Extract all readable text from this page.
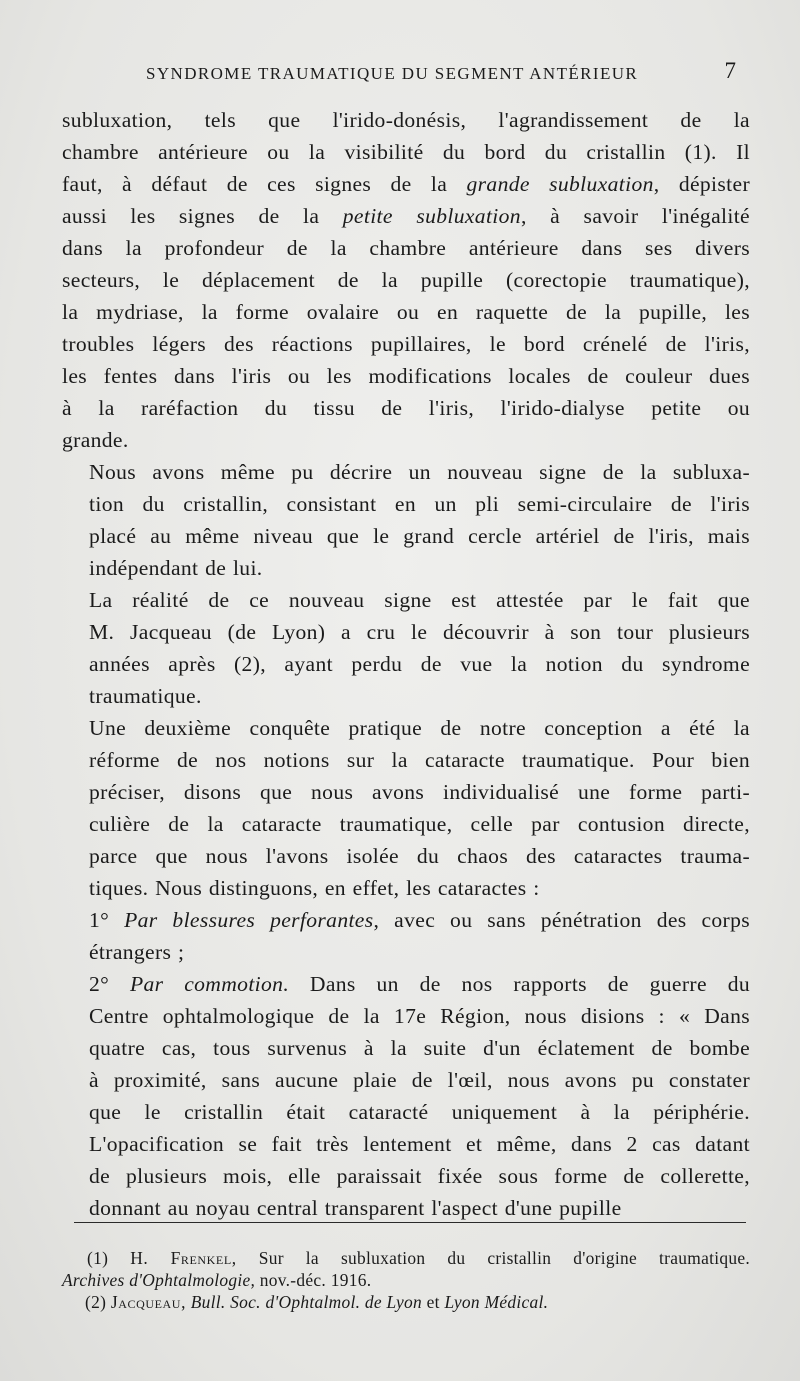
SYNDROME TRAUMATIQUE DU SEGMENT ANTÉRIEUR	7

subluxation, tels que l'irido-donésis, l'agrandissement de la
chambre antérieure ou la visibilité du bord du cristallin (1). Il
faut, à défaut de ces signes de la grande subluxation, dépister
aussi les signes de la petite subluxation, à savoir l'inégalité
dans la profondeur de la chambre antérieure dans ses divers
secteurs, le déplacement de la pupille (corectopie traumatique),
la mydriase, la forme ovalaire ou en raquette de la pupille, les
troubles légers des réactions pupillaires, le bord crénelé de l'iris,
les fentes dans l'iris ou les modifications locales de couleur dues
à la raréfaction du tissu de l'iris, l'irido-dialyse petite ou
grande.

Nous avons même pu décrire un nouveau signe de la subluxa-
tion du cristallin, consistant en un pli semi-circulaire de l'iris
placé au même niveau que le grand cercle artériel de l'iris, mais
indépendant de lui.

La réalité de ce nouveau signe est attestée par le fait que
M. Jacqueau (de Lyon) a cru le découvrir à son tour plusieurs
années après (2), ayant perdu de vue la notion du syndrome
traumatique.

Une deuxième conquête pratique de notre conception a été la
réforme de nos notions sur la cataracte traumatique. Pour bien
préciser, disons que nous avons individualisé une forme parti-
culière de la cataracte traumatique, celle par contusion directe,
parce que nous l'avons isolée du chaos des cataractes trauma-
tiques. Nous distinguons, en effet, les cataractes :

1° Par blessures perforantes, avec ou sans pénétration des corps
étrangers ;

2° Par commotion. Dans un de nos rapports de guerre du
Centre ophtalmologique de la 17e Région, nous disions : « Dans
quatre cas, tous survenus à la suite d'un éclatement de bombe
à proximité, sans aucune plaie de l'œil, nous avons pu constater
que le cristallin était cataracté uniquement à la périphérie.
L'opacification se fait très lentement et même, dans 2 cas datant
de plusieurs mois, elle paraissait fixée sous forme de collerette,
donnant au noyau central transparent l'aspect d'une pupille

(1) H. Frenkel, Sur la subluxation du cristallin d'origine traumatique.
Archives d'Ophtalmologie, nov.-déc. 1916.
(2) Jacqueau, Bull. Soc. d'Ophtalmol. de Lyon et Lyon Médical.
